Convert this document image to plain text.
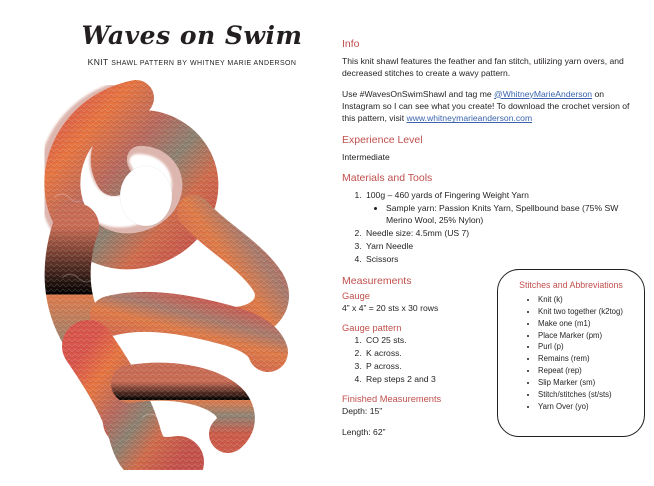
Waves on Swim
KNIT SHAWL PATTERN BY WHITNEY MARIE ANDERSON
Info

This knit shawl features the feather and fan stitch, utilizing yarn overs, and decreased stitches to create a wavy pattern.

Use #WavesOnSwimShawl and tag me @WhitneyMarieAnderson on Instagram so I can see what you create! To download the crochet version of this pattern, visit www.whitneymarieanderson.com

Experience Level

Intermediate

Materials and Tools
1. 100g – 460 yards of Fingering Weight Yarn
• Sample yarn: Passion Knits Yarn, Spellbound base (75% SW Merino Wool, 25% Nylon)
2. Needle size: 4.5mm (US 7)
3. Yarn Needle
4. Scissors
Measurements
Gauge

4” x 4” = 20 sts x 30 rows

Gauge pattern
1. CO 25 sts.
2. K across.
3. P across.
4. Rep steps 2 and 3
Finished Measurements

Depth: 15”

Length: 62”

Stitches and Abbreviations
• Knit (k)
• Knit two together (k2tog)
• Make one (m1)
• Place Marker (pm)
• Purl (p)
• Remains (rem)
• Repeat (rep)
• Slip Marker (sm)
• Stitch/stitches (st/sts)
• Yarn Over (yo)
